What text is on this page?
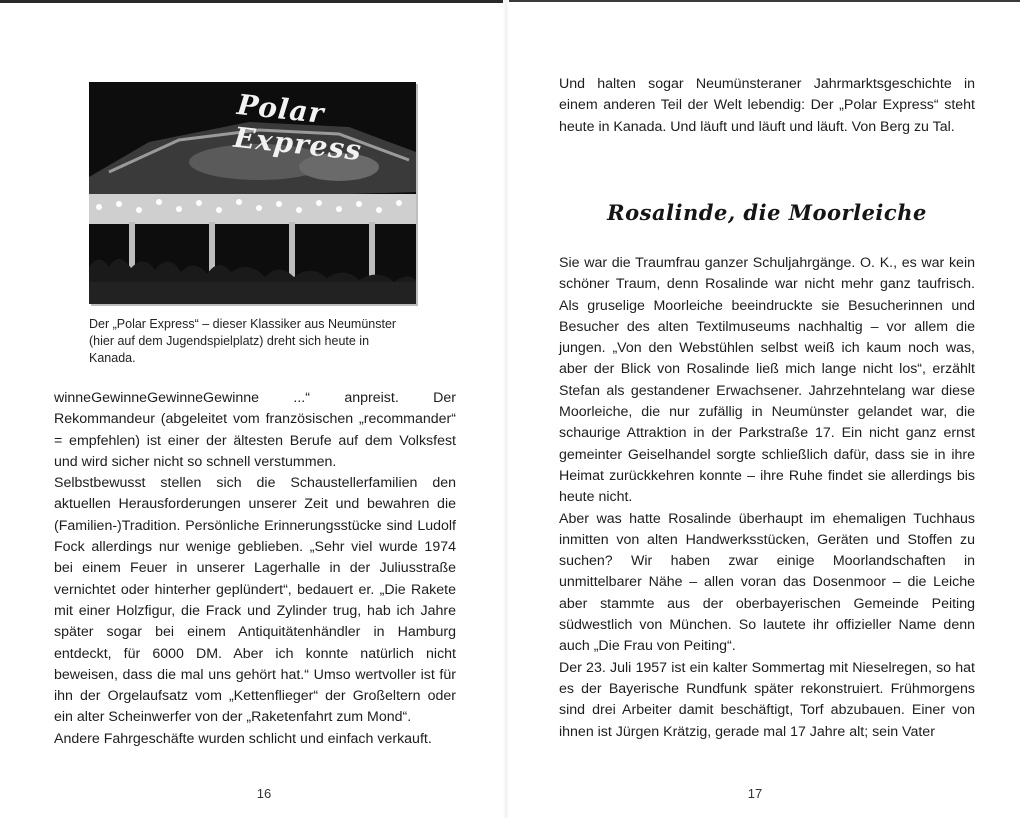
Polar Express
Der „Polar Express“ – dieser Klassiker aus Neumünster (hier auf dem Jugendspielplatz) dreht sich heute in Kanada.

winneGewinneGewinneGewinne ...“ anpreist. Der Rekommandeur (abgeleitet vom französischen „recommander“ = empfehlen) ist einer der ältesten Berufe auf dem Volksfest und wird sicher nicht so schnell verstummen.

Selbstbewusst stellen sich die Schaustellerfamilien den aktuellen Herausforderungen unserer Zeit und bewahren die (Familien-)Tradition. Persönliche Erinnerungsstücke sind Ludolf Fock allerdings nur wenige geblieben. „Sehr viel wurde 1974 bei einem Feuer in unserer Lagerhalle in der Juliusstraße vernichtet oder hinterher geplündert“, bedauert er. „Die Rakete mit einer Holzfigur, die Frack und Zylinder trug, hab ich Jahre später sogar bei einem Antiquitätenhändler in Hamburg entdeckt, für 6000 DM. Aber ich konnte natürlich nicht beweisen, dass die mal uns gehört hat.“ Umso wertvoller ist für ihn der Orgelaufsatz vom „Kettenflieger“ der Großeltern oder ein alter Scheinwerfer von der „Raketenfahrt zum Mond“.

Andere Fahrgeschäfte wurden schlicht und einfach verkauft.

16

Und halten sogar Neumünsteraner Jahrmarktsgeschichte in einem anderen Teil der Welt lebendig: Der „Polar Express“ steht heute in Kanada. Und läuft und läuft und läuft. Von Berg zu Tal.

Rosalinde, die Moorleiche

Sie war die Traumfrau ganzer Schuljahrgänge. O. K., es war kein schöner Traum, denn Rosalinde war nicht mehr ganz taufrisch. Als gruselige Moorleiche beeindruckte sie Besucherinnen und Besucher des alten Textilmuseums nachhaltig – vor allem die jungen. „Von den Webstühlen selbst weiß ich kaum noch was, aber der Blick von Rosalinde ließ mich lange nicht los“, erzählt Stefan als gestandener Erwachsener. Jahrzehntelang war diese Moorleiche, die nur zufällig in Neumünster gelandet war, die schaurige Attraktion in der Parkstraße 17. Ein nicht ganz ernst gemeinter Geiselhandel sorgte schließlich dafür, dass sie in ihre Heimat zurückkehren konnte – ihre Ruhe findet sie allerdings bis heute nicht.

Aber was hatte Rosalinde überhaupt im ehemaligen Tuchhaus inmitten von alten Handwerksstücken, Geräten und Stoffen zu suchen? Wir haben zwar einige Moorlandschaften in unmittelbarer Nähe – allen voran das Dosenmoor – die Leiche aber stammte aus der oberbayerischen Gemeinde Peiting südwestlich von München. So lautete ihr offizieller Name denn auch „Die Frau von Peiting“.

Der 23. Juli 1957 ist ein kalter Sommertag mit Nieselregen, so hat es der Bayerische Rundfunk später rekonstruiert. Frühmorgens sind drei Arbeiter damit beschäftigt, Torf abzubauen. Einer von ihnen ist Jürgen Krätzig, gerade mal 17 Jahre alt; sein Vater

17
